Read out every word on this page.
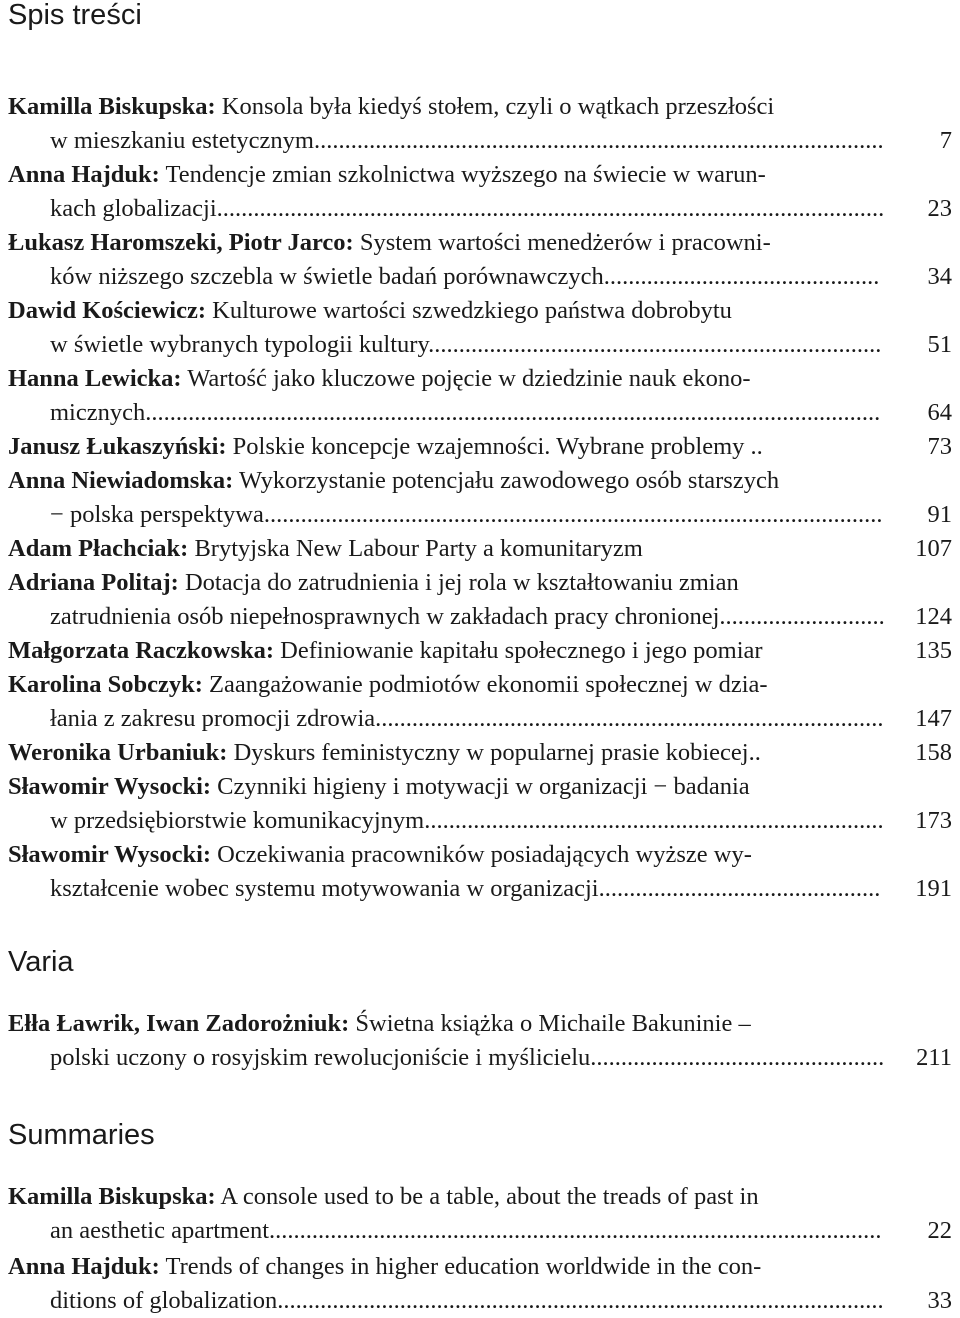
Spis treści
Kamilla Biskupska: Konsola była kiedyś stołem, czyli o wątkach przeszłości
w mieszkaniu estetycznym............................................................................................. 7
Anna Hajduk: Tendencje zmian szkolnictwa wyższego na świecie w warun-
kach globalizacji............................................................................................................. 23
Łukasz Haromszeki, Piotr Jarco: System wartości menedżerów i pracowni-
ków niższego szczebla w świetle badań porównawczych............................................. 34
Dawid Kościewicz: Kulturowe wartości szwedzkiego państwa dobrobytu
w świetle wybranych typologii kultury.......................................................................... 51
Hanna Lewicka: Wartość jako kluczowe pojęcie w dziedzinie nauk ekono-
micznych........................................................................................................................ 64
Janusz Łukaszyński: Polskie koncepcje wzajemności. Wybrane problemy ..	73
Anna Niewiadomska: Wykorzystanie potencjału zawodowego osób starszych
− polska perspektywa..................................................................................................... 91
Adam Płachciak: Brytyjska New Labour Party a komunitaryzm	107
Adriana Politaj: Dotacja do zatrudnienia i jej rola w kształtowaniu zmian
zatrudnienia osób niepełnosprawnych w zakładach pracy chronionej........................... 124
Małgorzata Raczkowska: Definiowanie kapitału społecznego i jego pomiar	135
Karolina Sobczyk: Zaangażowanie podmiotów ekonomii społecznej w dzia-
łania z zakresu promocji zdrowia................................................................................... 147
Weronika Urbaniuk: Dyskurs feministyczny w popularnej prasie kobiecej..	158
Sławomir Wysocki: Czynniki higieny i motywacji w organizacji − badania
w przedsiębiorstwie komunikacyjnym........................................................................... 173
Sławomir Wysocki: Oczekiwania pracowników posiadających wyższe wy-
kształcenie wobec systemu motywowania w organizacji.............................................. 191
Varia
Ełła Ławrik, Iwan Zadorożniuk: Świetna książka o Michaile Bakuninie –
polski uczony o rosyjskim rewolucjoniście i myślicielu................................................ 211
Summaries
Kamilla Biskupska: A console used to be a table, about the treads of past in
an aesthetic apartment.................................................................................................... 22
Anna Hajduk: Trends of changes in higher education worldwide in the con-
ditions of globalization................................................................................................... 33
